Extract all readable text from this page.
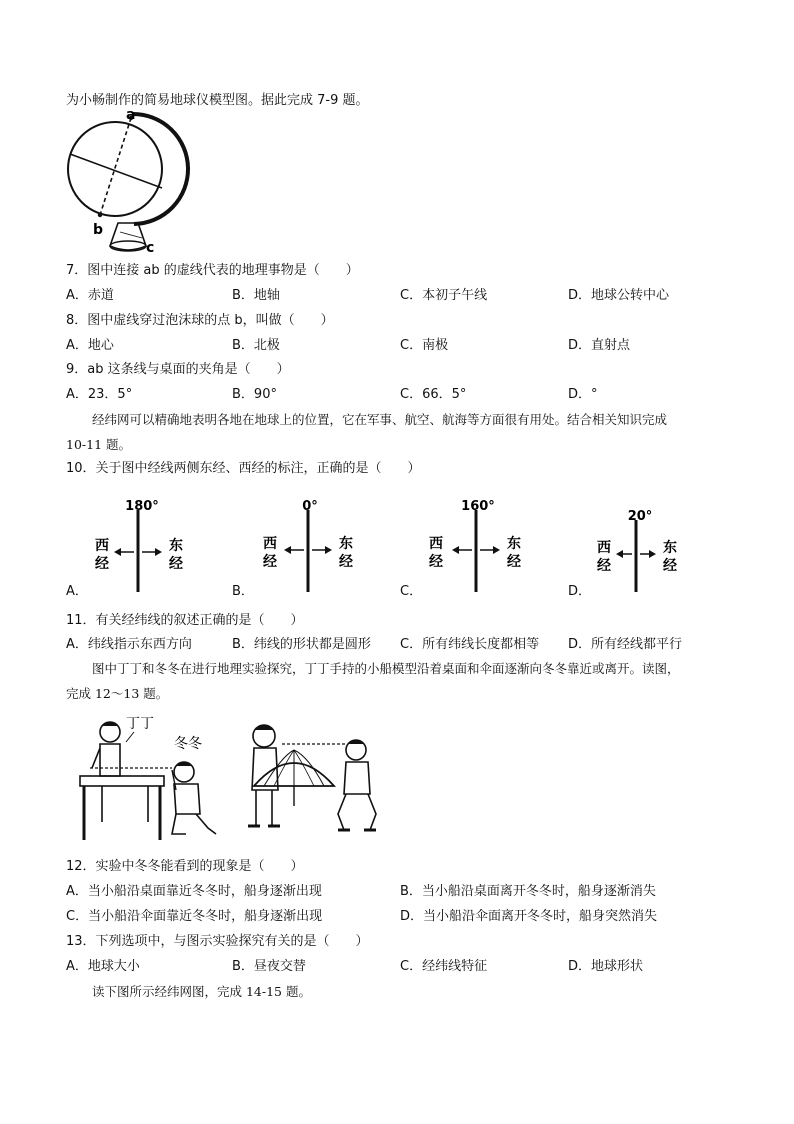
为小畅制作的简易地球仪模型图。据此完成 7-9 题。
a
b
c
7．图中连接 ab 的虚线代表的地理事物是（　　）
A．赤道	B．地轴	C．本初子午线	D．地球公转中心
8．图中虚线穿过泡沫球的点 b，叫做（　　）
A．地心	B．北极	C．南极	D．直射点
9．ab 这条线与桌面的夹角是（　　）
A．23．5°	B．90°	C．66．5°	D．°
经纬网可以精确地表明各地在地球上的位置，它在军事、航空、航海等方面很有用处。结合相关知识完成
10-11 题。
10．关于图中经线两侧东经、西经的标注，正确的是（　　）
180°
西
经
东
经
0°
西
经
东
经
160°
西
经
东
经
20°
西
经
东
经
A．	B．	C．	D．
11．有关经纬线的叙述正确的是（　　）
A．纬线指示东西方向	B．纬线的形状都是圆形 C．所有纬线长度都相等 D．所有经线都平行
图中丁丁和冬冬在进行地理实验探究，丁丁手持的小船模型沿着桌面和伞面逐渐向冬冬靠近或离开。读图，
完成 12～13 题。
丁丁
冬冬
12．实验中冬冬能看到的现象是（　　）
A．当小船沿桌面靠近冬冬时，船身逐渐出现	B．当小船沿桌面离开冬冬时，船身逐渐消失
C．当小船沿伞面靠近冬冬时，船身逐渐出现	D．当小船沿伞面离开冬冬时，船身突然消失
13．下列选项中，与图示实验探究有关的是（　　）
A．地球大小	B．昼夜交替	C．经纬线特征	D．地球形状
读下图所示经纬网图，完成 14-15 题。
